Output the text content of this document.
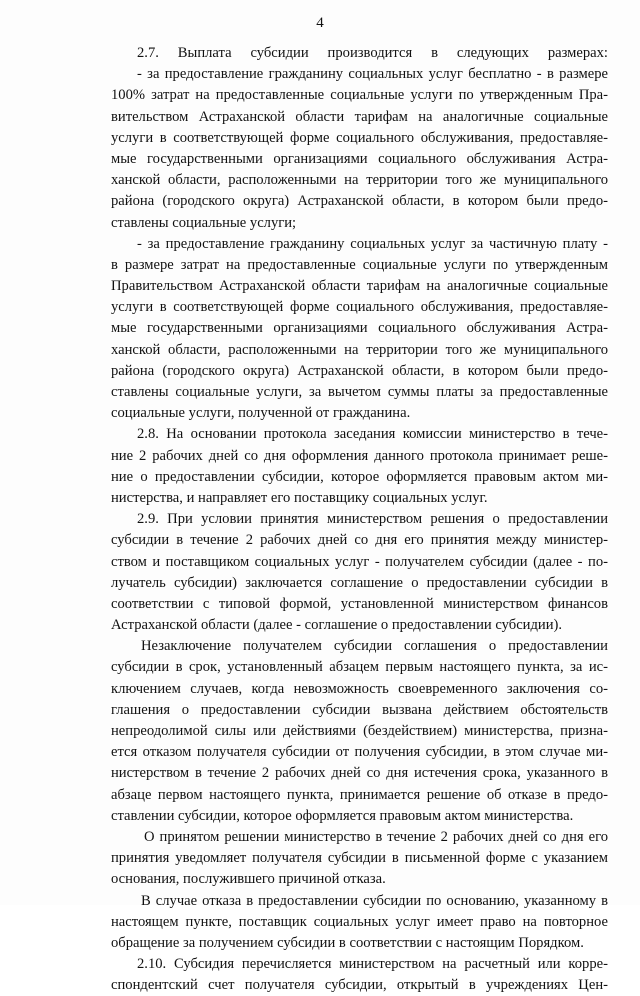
4
2.7. Выплата субсидии производится в следующих размерах:
- за предоставление гражданину социальных услуг бесплатно - в размере
100% затрат на предоставленные социальные услуги по утвержденным Пра-
вительством Астраханской области тарифам на аналогичные социальные
услуги в соответствующей форме социального обслуживания, предоставляе-
мые государственными организациями социального обслуживания Астра-
ханской области, расположенными на территории того же муниципального
района (городского округа) Астраханской области, в котором были предо-
ставлены социальные услуги;
- за предоставление гражданину социальных услуг за частичную плату -
в размере затрат на предоставленные социальные услуги по утвержденным
Правительством Астраханской области тарифам на аналогичные социальные
услуги в соответствующей форме социального обслуживания, предоставляе-
мые государственными организациями социального обслуживания Астра-
ханской области, расположенными на территории того же муниципального
района (городского округа) Астраханской области, в котором были предо-
ставлены социальные услуги, за вычетом суммы платы за предоставленные
социальные услуги, полученной от гражданина.
2.8. На основании протокола заседания комиссии министерство в тече-
ние 2 рабочих дней со дня оформления данного протокола принимает реше-
ние о предоставлении субсидии, которое оформляется правовым актом ми-
нистерства, и направляет его поставщику социальных услуг.
2.9. При условии принятия министерством решения о предоставлении
субсидии в течение 2 рабочих дней со дня его принятия между министер-
ством и поставщиком социальных услуг - получателем субсидии (далее - по-
лучатель субсидии) заключается соглашение о предоставлении субсидии в
соответствии с типовой формой, установленной министерством финансов
Астраханской области (далее - соглашение о предоставлении субсидии).
Незаключение получателем субсидии соглашения о предоставлении
субсидии в срок, установленный абзацем первым настоящего пункта, за ис-
ключением случаев, когда невозможность своевременного заключения со-
глашения о предоставлении субсидии вызвана действием обстоятельств
непреодолимой силы или действиями (бездействием) министерства, призна-
ется отказом получателя субсидии от получения субсидии, в этом случае ми-
нистерством в течение 2 рабочих дней со дня истечения срока, указанного в
абзаце первом настоящего пункта, принимается решение об отказе в предо-
ставлении субсидии, которое оформляется правовым актом министерства.
О принятом решении министерство в течение 2 рабочих дней со дня его
принятия уведомляет получателя субсидии в письменной форме с указанием
основания, послужившего причиной отказа.
В случае отказа в предоставлении субсидии по основанию, указанному в
настоящем пункте, поставщик социальных услуг имеет право на повторное
обращение за получением субсидии в соответствии с настоящим Порядком.
2.10. Субсидия перечисляется министерством на расчетный или корре-
спондентский счет получателя субсидии, открытый в учреждениях Цен-
